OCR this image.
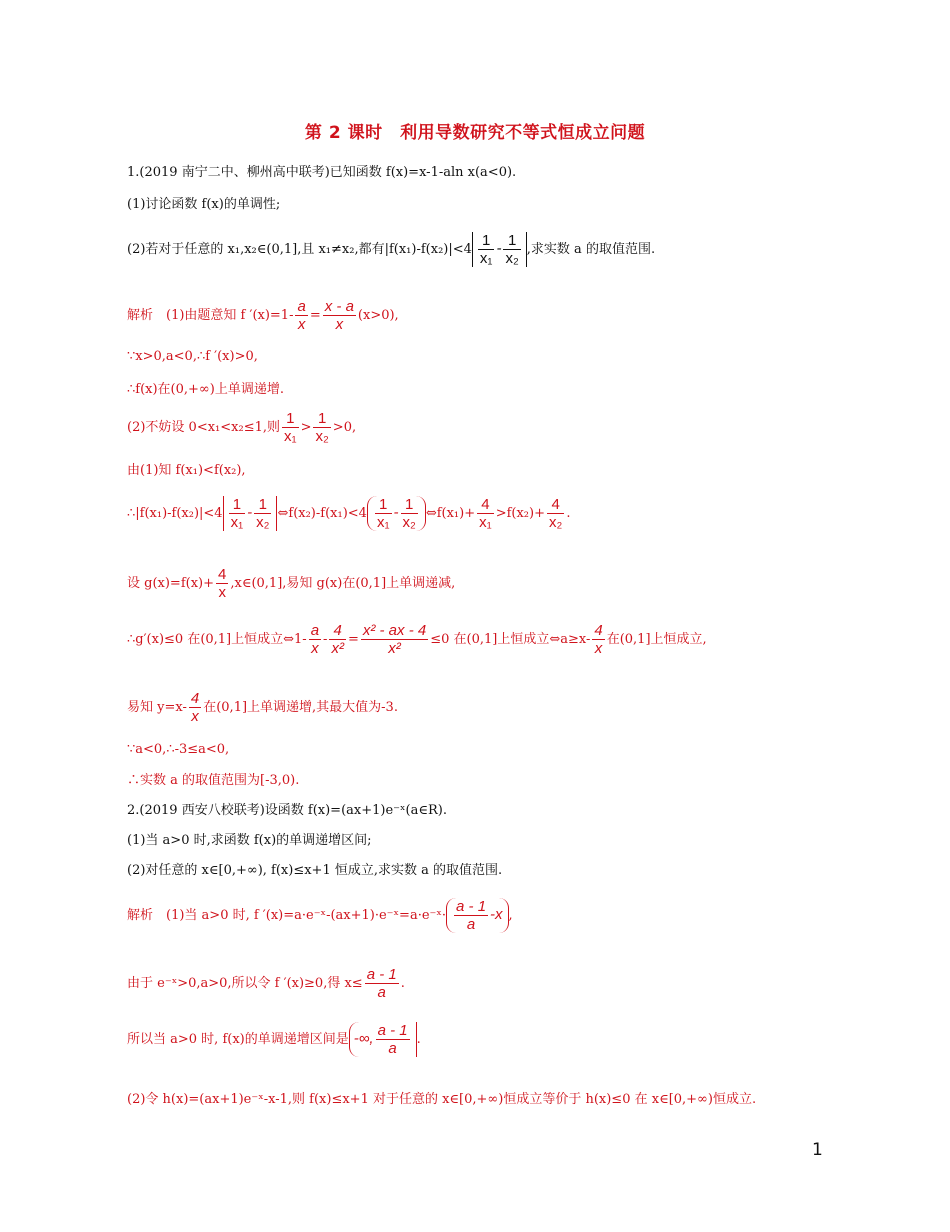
第 2 课时　利用导数研究不等式恒成立问题
1.(2019 南宁二中、柳州高中联考)已知函数 f(x)=x-1-aln x(a<0).
(1)讨论函数 f(x)的单调性;
(2)若对于任意的 x₁,x₂∈(0,1],且 x₁≠x₂,都有$|f(x_1)-f(x_2)|<4 \frac{1}{\text{x₁}} - \frac{1}{\text{x₂}}$ ,求实数 a 的取值范围.
解析　(1)由题意知 f $'(x)=1- \frac{a}{x} = \frac{x - a}{x} (x>0)$,
∵x>0,a<0,∴f ′(x)>0,
∴f(x)在(0,+∞)上单调递增.
(2)不妨设 0<x₁<x₂≤1,则 $\frac{1}{\text{x₁}} > \frac{1}{\text{x₂}} >0$,
由(1)知 f(x₁)<f(x₂),
∴|f(x₁)-f(x₂)|<4 $\frac{1}{\text{x₁}} - \frac{1}{\text{x₂}}$ ⇔f(x₂)-f(x₁)<4 $\frac{1}{\text{x₁}} - \frac{1}{\text{x₂}}$ ⇔f(x₁)+ $\frac{4}{\text{x₁}} >f(x_2)+ \frac{4}{\text{x₂}}$ .
设 $g(x)=f(x)+ \frac{4}{x}$ ,x∈(0,1],易知 g(x)在(0,1]上单调递减,
∴g′(x)≤0 在(0,1]上恒成立⇔1- $\frac{a}{x} - \frac{4}{\text{x²}} = \frac{\text{x² - ax - 4}}{\text{x²}} \le 0$ 在(0,1]上恒成立⇔a≥x- $\frac{4}{x}$ 在(0,1]上恒成立,
易知 $y=x- \frac{4}{x}$ 在(0,1]上单调递增,其最大值为-3.
∵a<0,∴-3≤a<0,
∴实数 a 的取值范围为[-3,0).
2.(2019 西安八校联考)设函数 f(x)=(ax+1)e⁻ˣ(a∈R).
(1)当 a>0 时,求函数 f(x)的单调递增区间;
(2)对任意的 x∈[0,+∞), f(x)≤x+1 恒成立,求实数 a 的取值范围.
解析　(1)当 a>0 时, f ′(x)=a·e⁻ˣ-(ax+1)·e⁻ˣ=a·e⁻ˣ· $\frac{a - 1}{a} -x$ ,
由于 e⁻ˣ>0,a>0,所以令 f ′(x)≥0,得 $x\le \frac{a - 1}{a}$ .
所以当 a>0 时, f(x)的单调递增区间是 -∞, $\frac{a - 1}{a}$ .
(2)令 h(x)=(ax+1)e⁻ˣ-x-1,则 f(x)≤x+1 对于任意的 x∈[0,+∞)恒成立等价于 h(x)≤0 在 x∈[0,+∞)恒成立.
1
